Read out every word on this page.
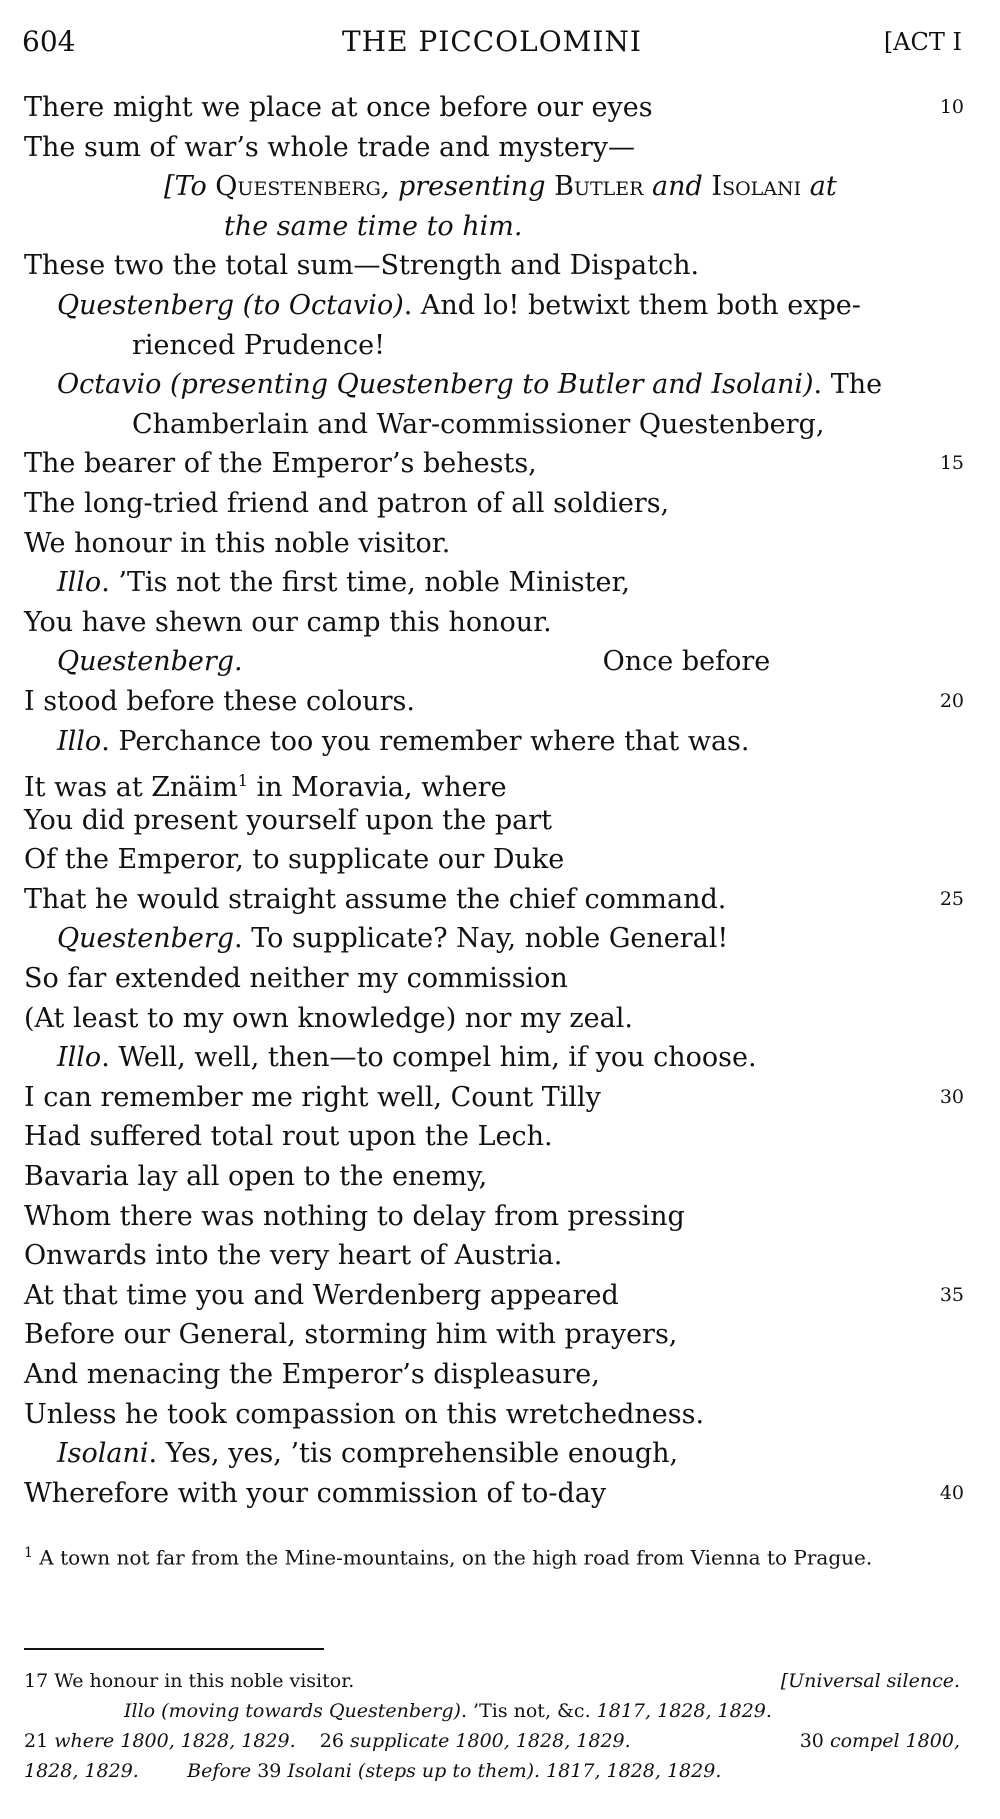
604	THE PICCOLOMINI	[ACT I
There might we place at once before our eyes	10
The sum of war’s whole trade and mystery—
[To Questenberg, presenting Butler and Isolani at
the same time to him.
These two the total sum—Strength and Dispatch.
Questenberg (to Octavio). And lo! betwixt them both expe-
rienced Prudence!
Octavio (presenting Questenberg to Butler and Isolani). The
Chamberlain and War-commissioner Questenberg,
The bearer of the Emperor’s behests,	15
The long-tried friend and patron of all soldiers,
We honour in this noble visitor.
Illo. ’Tis not the first time, noble Minister,
You have shewn our camp this honour.
Questenberg.	Once before
I stood before these colours.	20
Illo. Perchance too you remember where that was.
It was at Znäim$^1$ in Moravia, where
You did present yourself upon the part
Of the Emperor, to supplicate our Duke
That he would straight assume the chief command.	25
Questenberg. To supplicate? Nay, noble General!
So far extended neither my commission
(At least to my own knowledge) nor my zeal.
Illo. Well, well, then—to compel him, if you choose.
I can remember me right well, Count Tilly	30
Had suffered total rout upon the Lech.
Bavaria lay all open to the enemy,
Whom there was nothing to delay from pressing
Onwards into the very heart of Austria.
At that time you and Werdenberg appeared	35
Before our General, storming him with prayers,
And menacing the Emperor’s displeasure,
Unless he took compassion on this wretchedness.
Isolani. Yes, yes, ’tis comprehensible enough,
Wherefore with your commission of to-day	40
$^1$ A town not far from the Mine-mountains, on the high road from Vienna to Prague.
17 We honour in this noble visitor.	[Universal silence.
Illo (moving towards Questenberg). ’Tis not, &c. 1817, 1828, 1829.
21 where 1800, 1828, 1829. 26 supplicate 1800, 1828, 1829.	30 compel 1800,
1828, 1829.	Before 39 Isolani (steps up to them). 1817, 1828, 1829.
